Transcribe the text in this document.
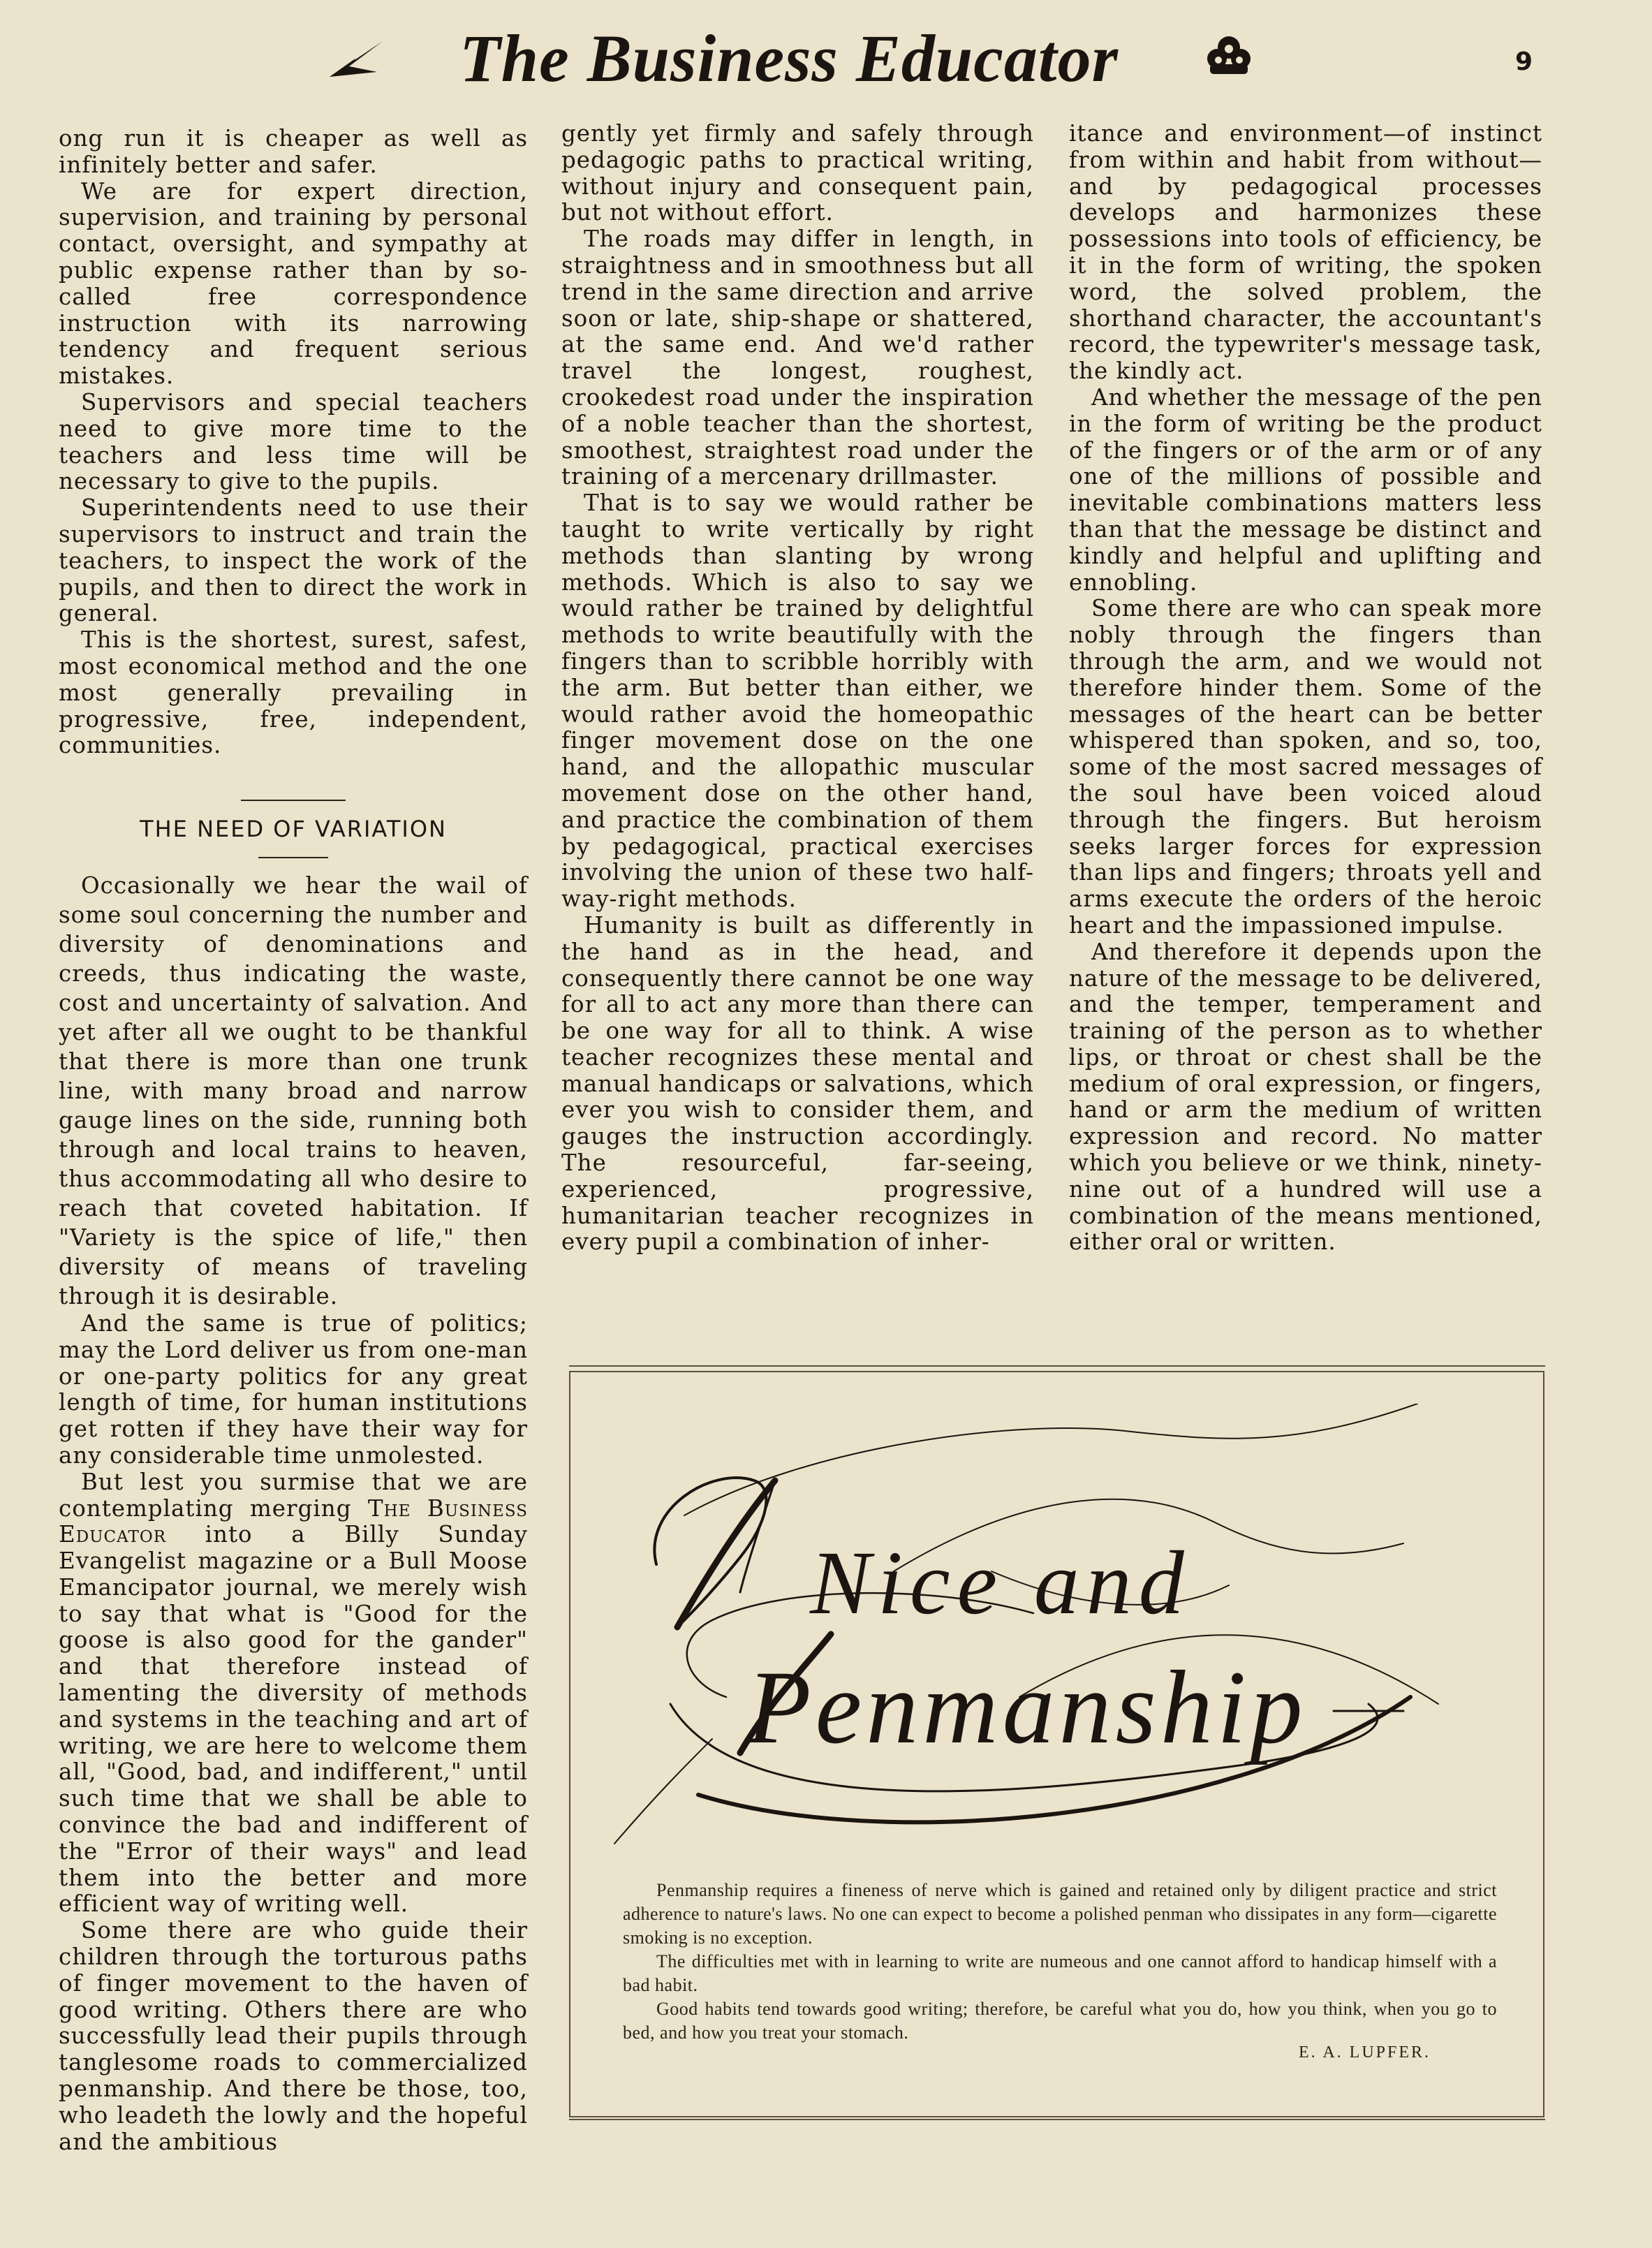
The Business Educator	9

ong run it is cheaper as well as infinitely better and safer.

We are for expert direction, supervision, and training by personal contact, oversight, and sympathy at public expense rather than by so-called free correspondence instruction with its narrowing tendency and frequent serious mistakes.

Supervisors and special teachers need to give more time to the teachers and less time will be necessary to give to the pupils.

Superintendents need to use their supervisors to instruct and train the teachers, to inspect the work of the pupils, and then to direct the work in general.

This is the shortest, surest, safest, most economical method and the one most generally prevailing in progressive, free, independent, communities.

THE NEED OF VARIATION

Occasionally we hear the wail of some soul concerning the number and diversity of denominations and creeds, thus indicating the waste, cost and uncertainty of salvation. And yet after all we ought to be thankful that there is more than one trunk line, with many broad and narrow gauge lines on the side, running both through and local trains to heaven, thus accommodating all who desire to reach that coveted habitation. If "Variety is the spice of life," then diversity of means of traveling through it is desirable.

And the same is true of politics; may the Lord deliver us from one-man or one-party politics for any great length of time, for human institutions get rotten if they have their way for any considerable time unmolested.

But lest you surmise that we are contemplating merging The Business Educator into a Billy Sunday Evangelist magazine or a Bull Moose Emancipator journal, we merely wish to say that what is "Good for the goose is also good for the gander" and that therefore instead of lamenting the diversity of methods and systems in the teaching and art of writing, we are here to welcome them all, "Good, bad, and indifferent," until such time that we shall be able to convince the bad and indifferent of the "Error of their ways" and lead them into the better and more efficient way of writing well.

Some there are who guide their children through the torturous paths of finger movement to the haven of good writing. Others there are who successfully lead their pupils through tanglesome roads to commercialized penmanship. And there be those, too, who leadeth the lowly and the hopeful and the ambitious

gently yet firmly and safely through pedagogic paths to practical writing, without injury and consequent pain, but not without effort.

The roads may differ in length, in straightness and in smoothness but all trend in the same direction and arrive soon or late, ship-shape or shattered, at the same end. And we'd rather travel the longest, roughest, crookedest road under the inspiration of a noble teacher than the shortest, smoothest, straightest road under the training of a mercenary drillmaster.

That is to say we would rather be taught to write vertically by right methods than slanting by wrong methods. Which is also to say we would rather be trained by delightful methods to write beautifully with the fingers than to scribble horribly with the arm. But better than either, we would rather avoid the homeopathic finger movement dose on the one hand, and the allopathic muscular movement dose on the other hand, and practice the combination of them by pedagogical, practical exercises involving the union of these two half-way-right methods.

Humanity is built as differently in the hand as in the head, and consequently there cannot be one way for all to act any more than there can be one way for all to think. A wise teacher recognizes these mental and manual handicaps or salvations, which ever you wish to consider them, and gauges the instruction accordingly. The resourceful, far-seeing, experienced, progressive, humanitarian teacher recognizes in every pupil a combination of inher-

itance and environment—of instinct from within and habit from without—and by pedagogical processes develops and harmonizes these possessions into tools of efficiency, be it in the form of writing, the spoken word, the solved problem, the shorthand character, the accountant's record, the typewriter's message task, the kindly act.

And whether the message of the pen in the form of writing be the product of the fingers or of the arm or of any one of the millions of possible and inevitable combinations matters less than that the message be distinct and kindly and helpful and uplifting and ennobling.

Some there are who can speak more nobly through the fingers than through the arm, and we would not therefore hinder them. Some of the messages of the heart can be better whispered than spoken, and so, too, some of the most sacred messages of the soul have been voiced aloud through the fingers. But heroism seeks larger forces for expression than lips and fingers; throats yell and arms execute the orders of the heroic heart and the impassioned impulse.

And therefore it depends upon the nature of the message to be delivered, and the temper, temperament and training of the person as to whether lips, or throat or chest shall be the medium of oral expression, or fingers, hand or arm the medium of written expression and record. No matter which you believe or we think, ninety-nine out of a hundred will use a combination of the means mentioned, either oral or written.

Nice and
Penmanship

Penmanship requires a fineness of nerve which is gained and retained only by diligent practice and strict adherence to nature's laws. No one can expect to become a polished penman who dissipates in any form—cigarette smoking is no exception.

The difficulties met with in learning to write are numeous and one cannot afford to handicap himself with a bad habit.

Good habits tend towards good writing; therefore, be careful what you do, how you think, when you go to bed, and how you treat your stomach.

E. A. LUPFER.
